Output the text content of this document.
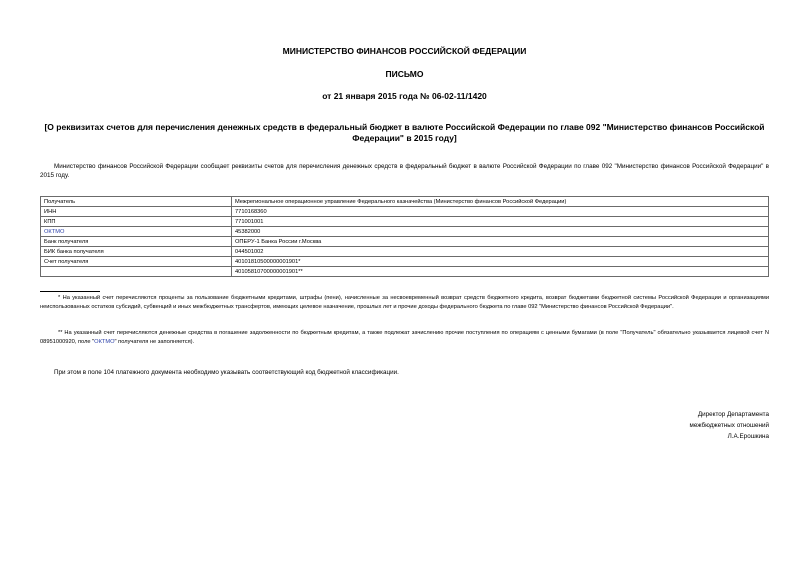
МИНИСТЕРСТВО ФИНАНСОВ РОССИЙСКОЙ ФЕДЕРАЦИИ
ПИСЬМО
от 21 января 2015 года № 06-02-11/1420
[О реквизитах счетов для перечисления денежных средств в федеральный бюджет в валюте Российской Федерации по главе 092 "Министерство финансов Российской Федерации" в 2015 году]
Министерство финансов Российской Федерации сообщает реквизиты счетов для перечисления денежных средств в федеральный бюджет в валюте Российской Федерации по главе 092 "Министерство финансов Российской Федерации" в 2015 году.
Получатель	Межрегиональное операционное управление Федерального казначейства (Министерство финансов Российской Федерации)
ИНН	7710168360
КПП	771001001
ОКТМО	45382000
Банк получателя	ОПЕРУ-1 Банка России г.Москва
БИК банка получателя	044501002
Счет получателя	40101810500000001901*
	40105810700000001901**
* На указанный счет перечисляются проценты за пользование бюджетными кредитами, штрафы (пени), начисленные за несвоевременный возврат средств бюджетного кредита, возврат бюджетами бюджетной системы Российской Федерации и организациями неиспользованных остатков субсидий, субвенций и иных межбюджетных трансфертов, имеющих целевое назначение, прошлых лет и прочие доходы федерального бюджета по главе 092 "Министерство финансов Российской Федерации".
** На указанный счет перечисляются денежные средства в погашение задолженности по бюджетным кредитам, а также подлежат зачислению прочие поступления по операциям с ценными бумагами (в поле "Получатель" обязательно указывается лицевой счет N 08951000920, поле "ОКТМО" получателя не заполняется).
При этом в поле 104 платежного документа необходимо указывать соответствующий код бюджетной классификации.
Директор Департамента
межбюджетных отношений
Л.А.Ерошкина
